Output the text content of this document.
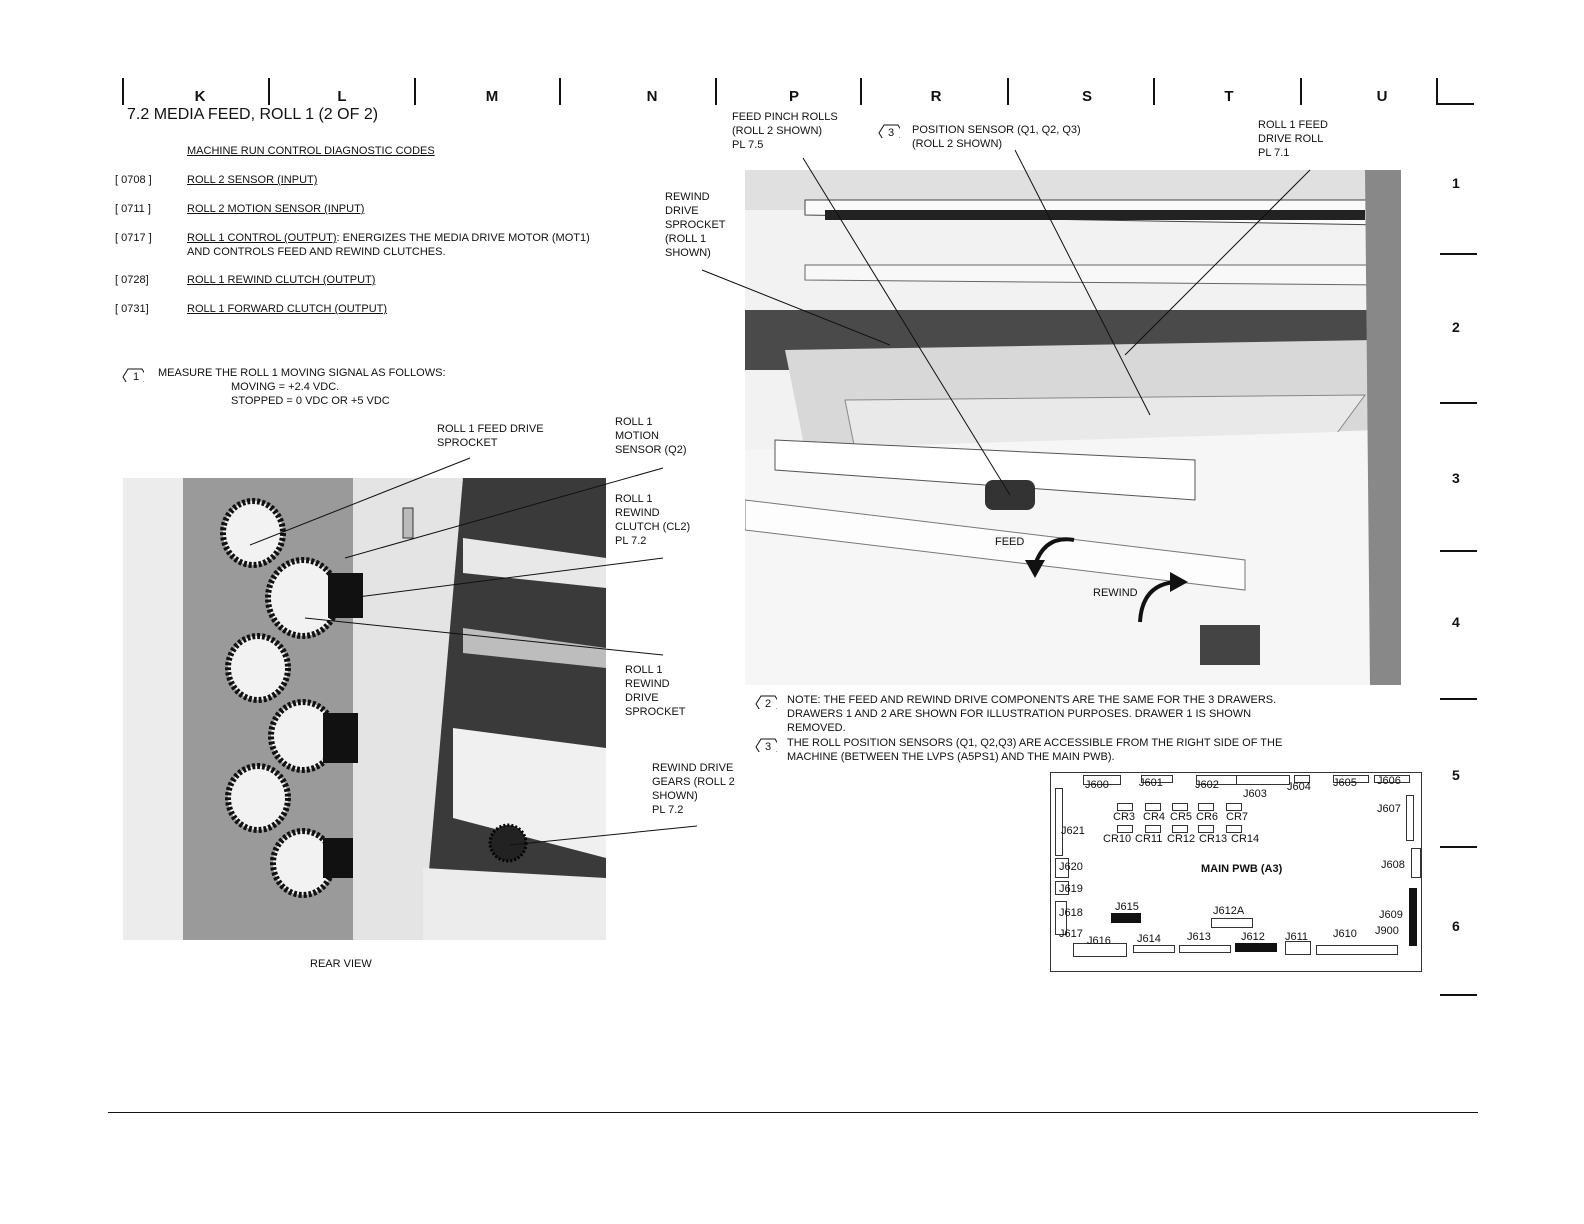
K	L	M	N	P	R	S	T	U
1
2
3
4
5
6
7.2 MEDIA FEED, ROLL 1 (2 OF 2)
MACHINE RUN CONTROL DIAGNOSTIC CODES
[ 0708 ]	ROLL 2 SENSOR (INPUT)
[ 0711 ]	ROLL 2 MOTION SENSOR (INPUT)
[ 0717 ]	ROLL 1 CONTROL (OUTPUT): ENERGIZES THE MEDIA DRIVE MOTOR (MOT1)
AND CONTROLS FEED AND REWIND CLUTCHES.
[ 0728]	ROLL 1 REWIND CLUTCH (OUTPUT)
[ 0731]	ROLL 1 FORWARD CLUTCH (OUTPUT)
1 MEASURE THE ROLL 1 MOVING SIGNAL AS FOLLOWS:
MOVING = +2.4 VDC.
STOPPED = 0 VDC OR +5 VDC
ROLL 1 FEED DRIVE
SPROCKET
ROLL 1
MOTION
SENSOR (Q2)
ROLL 1
REWIND
CLUTCH (CL2)
PL 7.2
ROLL 1
REWIND
DRIVE
SPROCKET
REWIND DRIVE
GEARS (ROLL 2
SHOWN)
PL 7.2
REAR VIEW
FEED PINCH ROLLS
(ROLL 2 SHOWN)
PL 7.5
3 POSITION SENSOR (Q1, Q2, Q3)
(ROLL 2 SHOWN)
ROLL 1 FEED
DRIVE ROLL
PL 7.1
REWIND
DRIVE
SPROCKET
(ROLL 1
SHOWN)
FEED
REWIND
2 NOTE: THE FEED AND REWIND DRIVE COMPONENTS ARE THE SAME FOR THE 3 DRAWERS.
DRAWERS 1 AND 2 ARE SHOWN FOR ILLUSTRATION PURPOSES. DRAWER 1 IS SHOWN
REMOVED.
3 THE ROLL POSITION SENSORS (Q1, Q2,Q3) ARE ACCESSIBLE FROM THE RIGHT SIDE OF THE
MACHINE (BETWEEN THE LVPS (A5PS1) AND THE MAIN PWB).
MAIN PWB (A3)
J600	J601	J602
J603
J604 J605 J606
J607
J608
J609
J900
J610
J611
J612
J613
J614
J616
J617
J618
J619
J620
J621
J615	J612A
CR3 CR4 CR5 CR6 CR7
CR10 CR11 CR12 CR13 CR14
